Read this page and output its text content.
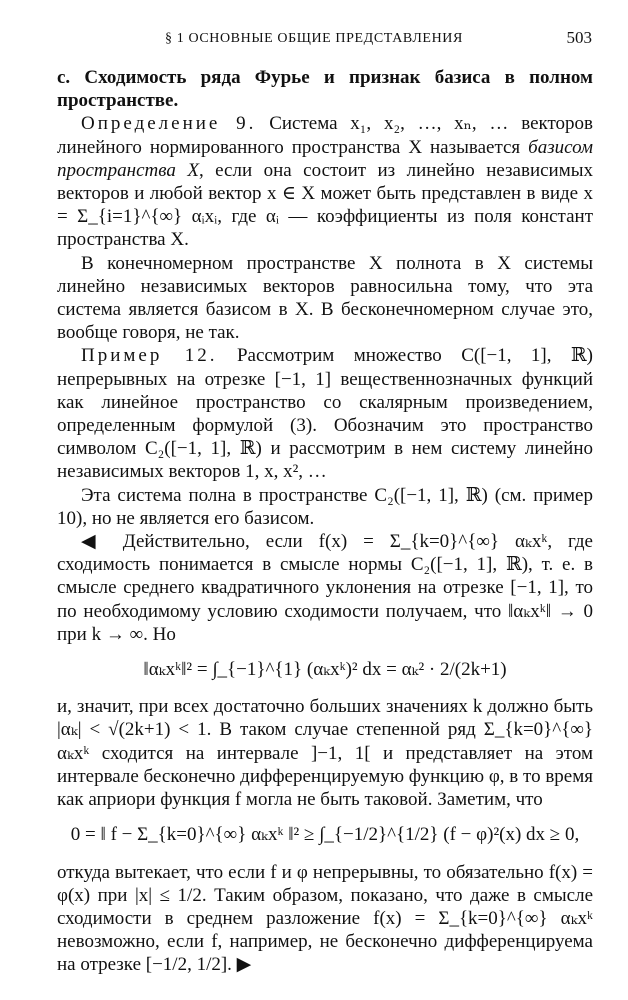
§ 1 ОСНОВНЫЕ ОБЩИЕ ПРЕДСТАВЛЕНИЯ	503

c. Сходимость ряда Фурье и признак базиса в полном пространстве.

Определение 9. Система x₁, x₂, …, xₙ, … векторов линейного нормированного пространства X называется базисом пространства X, если она состоит из линейно независимых векторов и любой вектор x ∈ X может быть представлен в виде x = Σ_{i=1}^{∞} αᵢxᵢ, где αᵢ — коэффициенты из поля констант пространства X.

В конечномерном пространстве X полнота в X системы линейно независимых векторов равносильна тому, что эта система является базисом в X. В бесконечномерном случае это, вообще говоря, не так.

Пример 12. Рассмотрим множество C([−1, 1], ℝ) непрерывных на отрезке [−1, 1] вещественнозначных функций как линейное пространство со скалярным произведением, определенным формулой (3). Обозначим это пространство символом C₂([−1, 1], ℝ) и рассмотрим в нем систему линейно независимых векторов 1, x, x², …

Эта система полна в пространстве C₂([−1, 1], ℝ) (см. пример 10), но не является его базисом.

◀ Действительно, если f(x) = Σ_{k=0}^{∞} αₖxᵏ, где сходимость понимается в смысле нормы C₂([−1, 1], ℝ), т. е. в смысле среднего квадратичного уклонения на отрезке [−1, 1], то по необходимому условию сходимости получаем, что ‖αₖxᵏ‖ → 0 при k → ∞. Но

‖αₖxᵏ‖² = ∫_{−1}^{1} (αₖxᵏ)² dx = αₖ² · 2/(2k+1)

и, значит, при всех достаточно больших значениях k должно быть |αₖ| < √(2k+1) < 1. В таком случае степенной ряд Σ_{k=0}^{∞} αₖxᵏ сходится на интервале ]−1, 1[ и представляет на этом интервале бесконечно дифференцируемую функцию φ, в то время как априори функция f могла не быть таковой. Заметим, что

0 = ‖ f − Σ_{k=0}^{∞} αₖxᵏ ‖² ≥ ∫_{−1/2}^{1/2} (f − φ)²(x) dx ≥ 0,

откуда вытекает, что если f и φ непрерывны, то обязательно f(x) = φ(x) при |x| ≤ 1/2. Таким образом, показано, что даже в смысле сходимости в среднем разложение f(x) = Σ_{k=0}^{∞} αₖxᵏ невозможно, если f, например, не бесконечно дифференцируема на отрезке [−1/2, 1/2]. ▶
